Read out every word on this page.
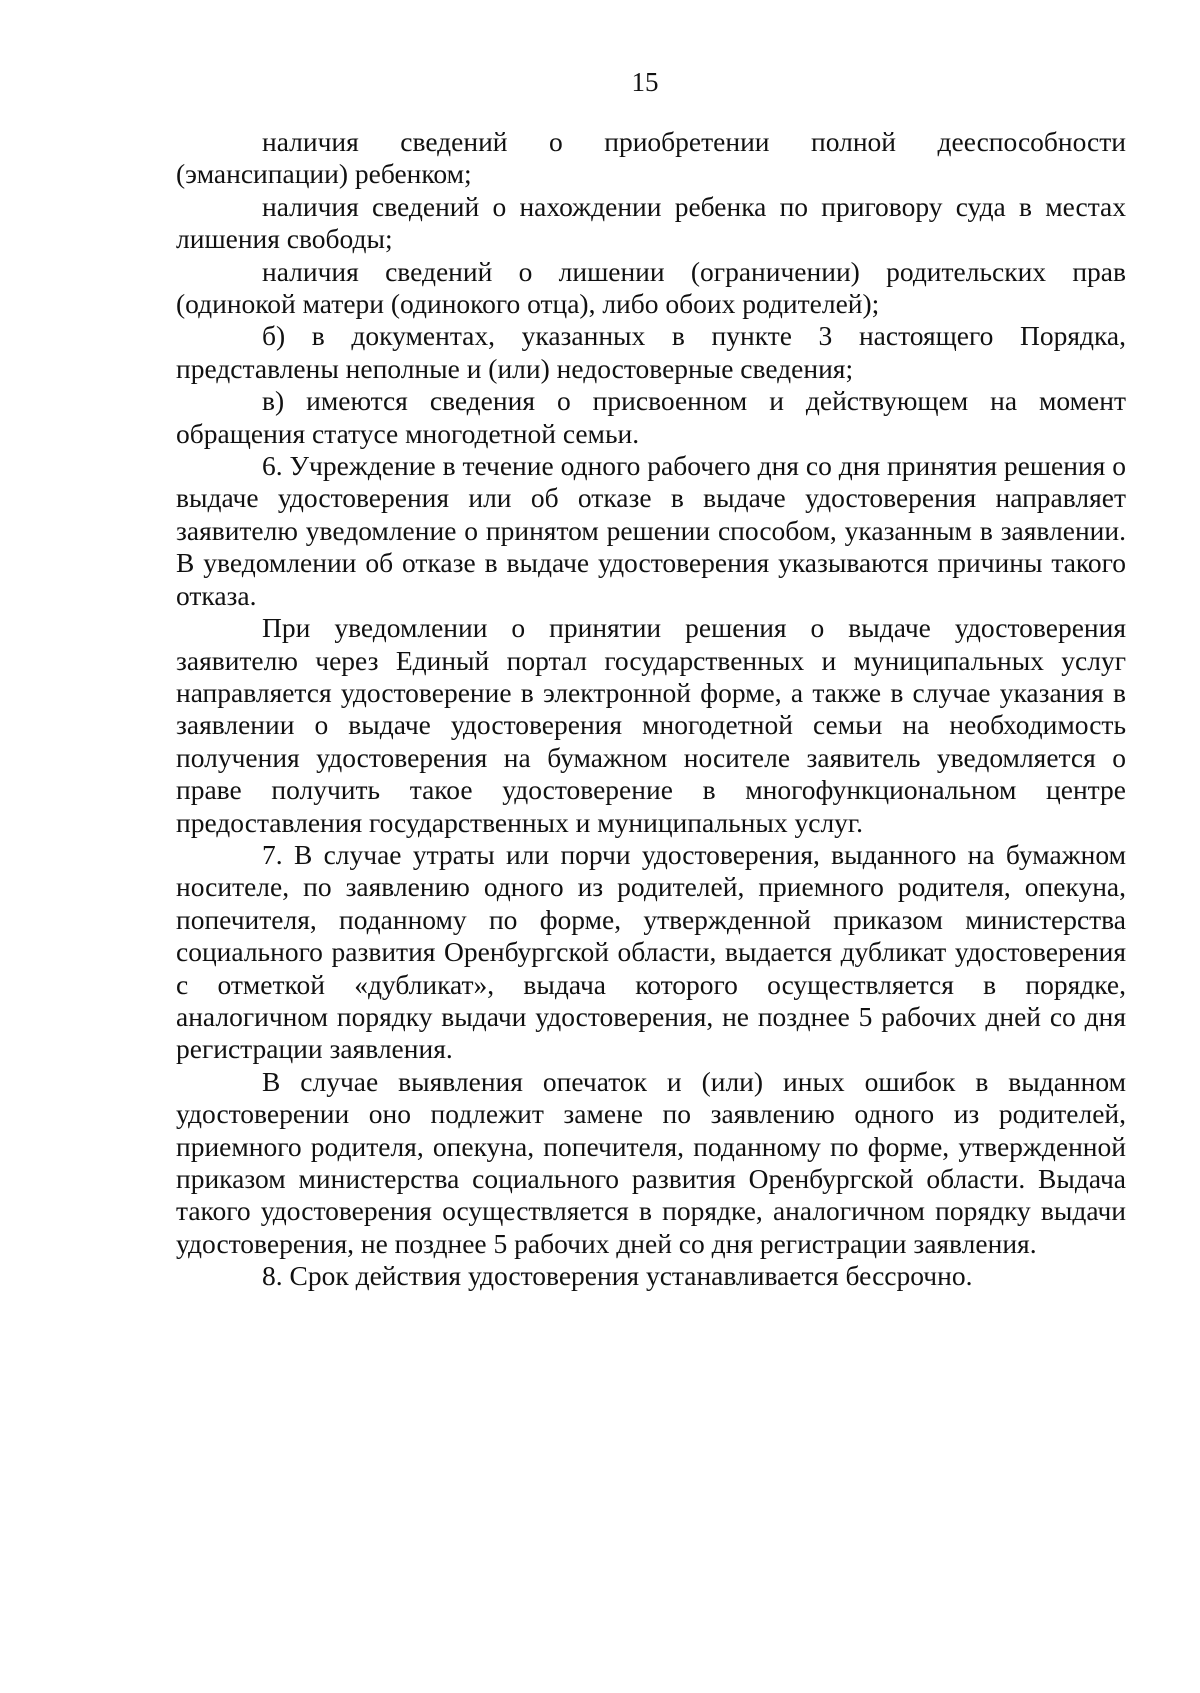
15

наличия сведений о приобретении полной дееспособности (эмансипации) ребенком;

наличия сведений о нахождении ребенка по приговору суда в местах лишения свободы;

наличия сведений о лишении (ограничении) родительских прав (одинокой матери (одинокого отца), либо обоих родителей);

б) в документах, указанных в пункте 3 настоящего Порядка, представлены неполные и (или) недостоверные сведения;

в) имеются сведения о присвоенном и действующем на момент обращения статусе многодетной семьи.

6. Учреждение в течение одного рабочего дня со дня принятия решения о выдаче удостоверения или об отказе в выдаче удостоверения направляет заявителю уведомление о принятом решении способом, указанным в заявлении. В уведомлении об отказе в выдаче удостоверения указываются причины такого отказа.

При уведомлении о принятии решения о выдаче удостоверения заявителю через Единый портал государственных и муниципальных услуг направляется удостоверение в электронной форме, а также в случае указания в заявлении о выдаче удостоверения многодетной семьи на необходимость получения удостоверения на бумажном носителе заявитель уведомляется о праве получить такое удостоверение в многофункциональном центре предоставления государственных и муниципальных услуг.

7. В случае утраты или порчи удостоверения, выданного на бумажном носителе, по заявлению одного из родителей, приемного родителя, опекуна, попечителя, поданному по форме, утвержденной приказом министерства социального развития Оренбургской области, выдается дубликат удостоверения с отметкой «дубликат», выдача которого осуществляется в порядке, аналогичном порядку выдачи удостоверения, не позднее 5 рабочих дней со дня регистрации заявления.

В случае выявления опечаток и (или) иных ошибок в выданном удостоверении оно подлежит замене по заявлению одного из родителей, приемного родителя, опекуна, попечителя, поданному по форме, утвержденной приказом министерства социального развития Оренбургской области. Выдача такого удостоверения осуществляется в порядке, аналогичном порядку выдачи удостоверения, не позднее 5 рабочих дней со дня регистрации заявления.

8. Срок действия удостоверения устанавливается бессрочно.
